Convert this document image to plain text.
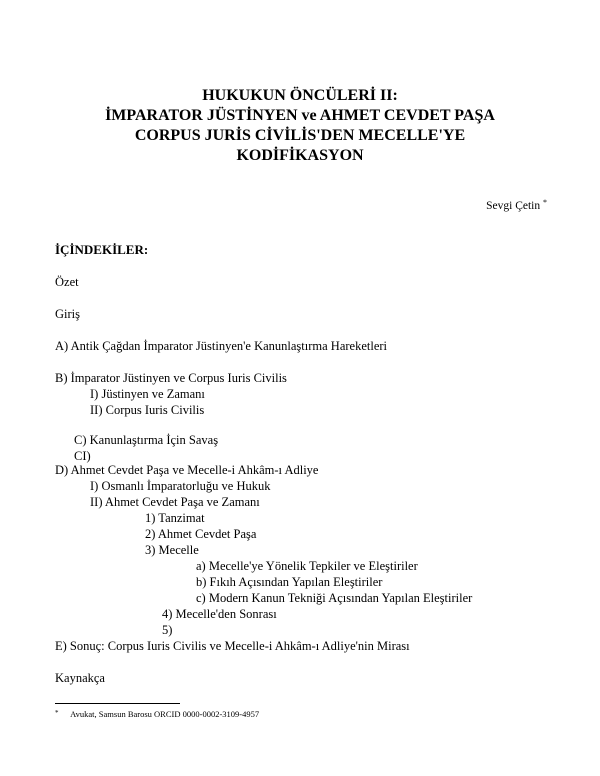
HUKUKUN ÖNCÜLERİ II:
İMPARATOR JÜSTİNYEN ve AHMET CEVDET PAŞA
CORPUS JURİS CİVİLİS'DEN MECELLE'YE
KODİFİKASYON
Sevgi Çetin *
İÇİNDEKİLER:
Özet
Giriş
A) Antik Çağdan İmparator Jüstinyen'e Kanunlaştırma Hareketleri
B) İmparator Jüstinyen ve Corpus Iuris Civilis
I) Jüstinyen ve Zamanı
II) Corpus Iuris Civilis
C) Kanunlaştırma İçin Savaş
CI)
D) Ahmet Cevdet Paşa ve Mecelle-i Ahkâm-ı Adliye
I) Osmanlı İmparatorluğu ve Hukuk
II) Ahmet Cevdet Paşa ve Zamanı
1) Tanzimat
2) Ahmet Cevdet Paşa
3) Mecelle
a) Mecelle'ye Yönelik Tepkiler ve Eleştiriler
b) Fıkıh Açısından Yapılan Eleştiriler
c) Modern Kanun Tekniği Açısından Yapılan Eleştiriler
4) Mecelle'den Sonrası
5)
E) Sonuç: Corpus Iuris Civilis ve Mecelle-i Ahkâm-ı Adliye'nin Mirası
Kaynakça
* Avukat, Samsun Barosu ORCID 0000-0002-3109-4957
